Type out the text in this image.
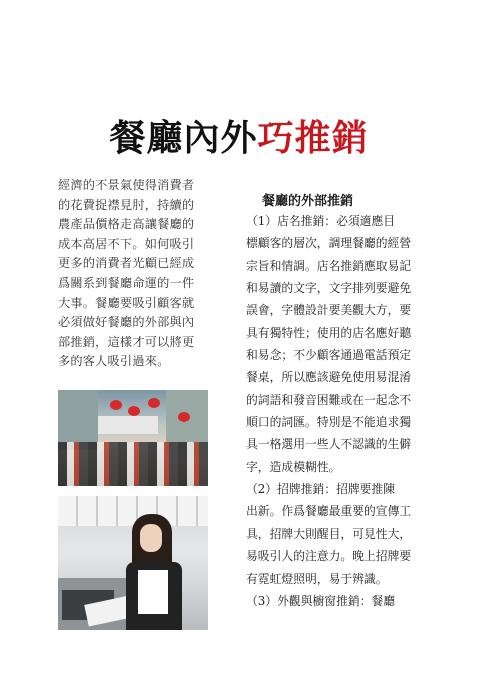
餐廳內外巧推銷
經濟的不景氣使得消費者
的花費捉襟見肘，持續的
農產品價格走高讓餐廳的
成本高居不下。如何吸引
更多的消費者光顧已經成
爲關系到餐廳命運的一件
大事。餐廳要吸引顧客就
必須做好餐廳的外部與內
部推銷，這樣才可以將更
多的客人吸引過來。
餐廳的外部推銷
（1）店名推銷：必須適應目
標顧客的層次，調理餐廳的經營
宗旨和情調。店名推銷應取易記
和易讀的文字，文字排列要避免
誤會，字體設計要美觀大方，要
具有獨特性；使用的店名應好聽
和易念；不少顧客通過電話預定
餐桌，所以應該避免使用易混淆
的詞語和發音困難或在一起念不
順口的詞匯。特別是不能追求獨
具一格選用一些人不認識的生僻
字，造成模糊性。
（2）招牌推銷：招牌要推陳
出新。作爲餐廳最重要的宣傳工
具，招牌大則醒目，可見性大，
易吸引人的注意力。晚上招牌要
有霓虹燈照明，易于辨識。
（3）外觀與櫥窗推銷：餐廳
